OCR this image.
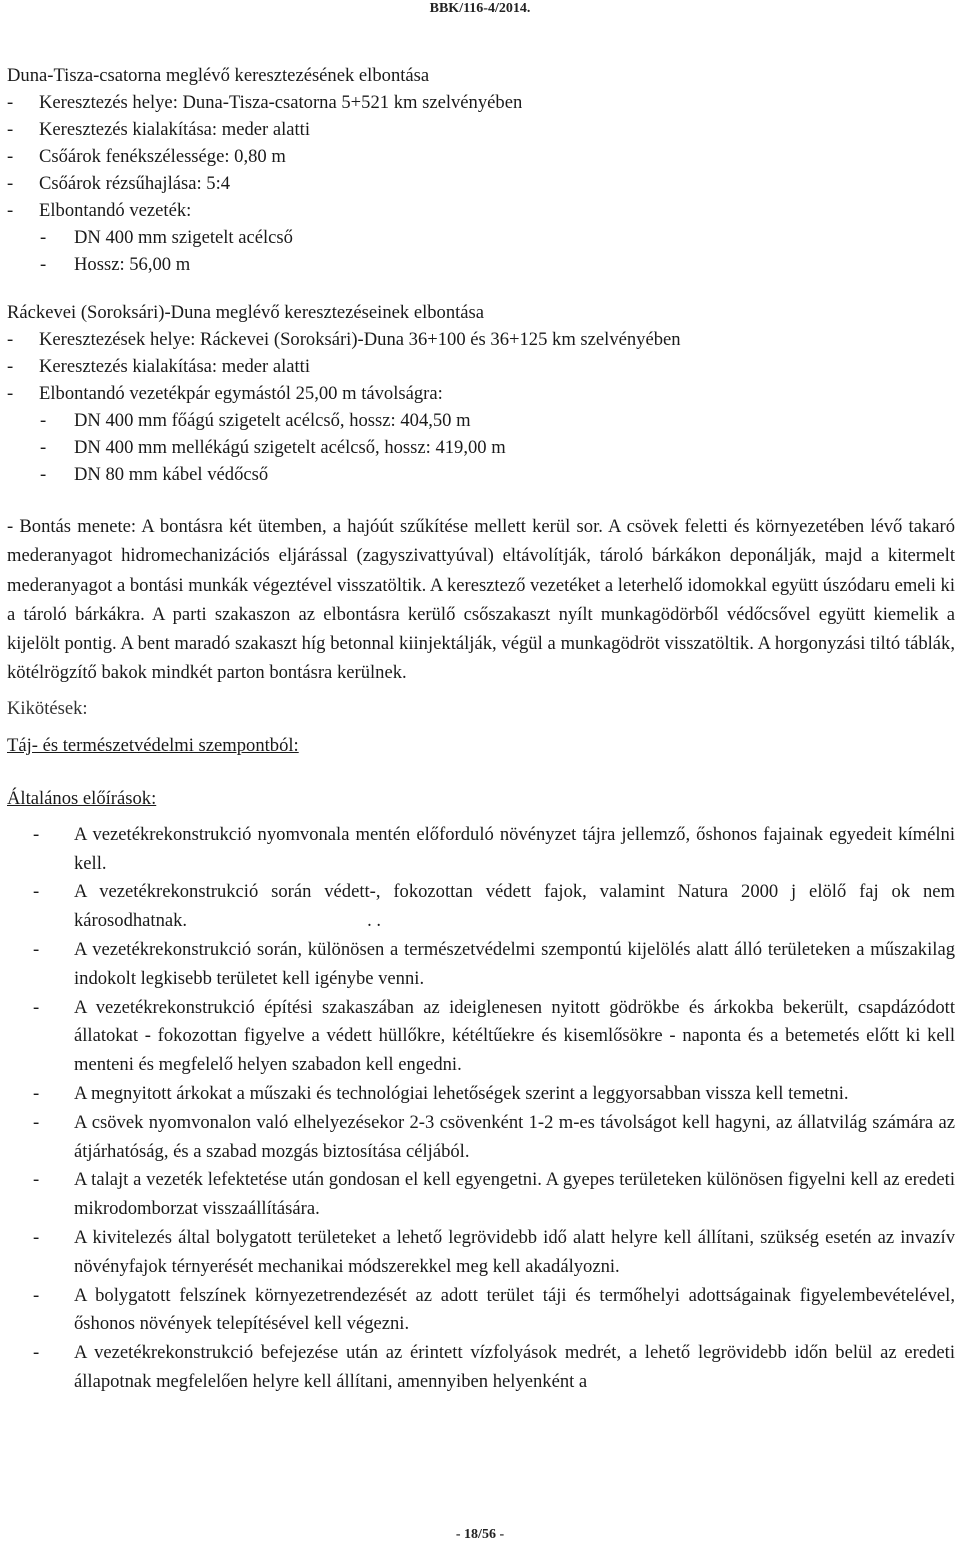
BBK/116-4/2014.
Duna-Tisza-csatorna meglévő keresztezésének elbontása
- Keresztezés helye: Duna-Tisza-csatorna 5+521 km szelvényében
- Keresztezés kialakítása: meder alatti
- Csőárok fenékszélessége: 0,80 m
- Csőárok rézsűhajlása: 5:4
- Elbontandó vezeték:
- DN 400 mm szigetelt acélcső
- Hossz: 56,00 m
Ráckevei (Soroksári)-Duna meglévő keresztezéseinek elbontása
- Keresztezések helye: Ráckevei (Soroksári)-Duna 36+100 és 36+125 km szelvényében
- Keresztezés kialakítása: meder alatti
- Elbontandó vezetékpár egymástól 25,00 m távolságra:
- DN 400 mm főágú szigetelt acélcső, hossz: 404,50 m
- DN 400 mm mellékágú szigetelt acélcső, hossz: 419,00 m
- DN 80 mm kábel védőcső

- Bontás menete: A bontásra két ütemben, a hajóút szűkítése mellett kerül sor. A csövek feletti és környezetében lévő takaró mederanyagot hidromechanizációs eljárással (zagyszivattyúval) eltávolítják, tároló bárkákon deponálják, majd a kitermelt mederanyagot a bontási munkák végeztével visszatöltik. A keresztező vezetéket a leterhelő idomokkal együtt úszódaru emeli ki a tároló bárkákra. A parti szakaszon az elbontásra kerülő csőszakaszt nyílt munkagödörből védőcsővel együtt kiemelik a kijelölt pontig. A bent maradó szakaszt híg betonnal kiinjektálják, végül a munkagödröt visszatöltik. A horgonyzási tiltó táblák, kötélrögzítő bakok mindkét parton bontásra kerülnek.

Kikötések:
Táj- és természetvédelmi szempontból:
Általános előírások:
-	A vezetékrekonstrukció nyomvonala mentén előforduló növényzet tájra jellemző, őshonos fajainak egyedeit kímélni kell.
-	A vezetékrekonstrukció során védett-, fokozottan védett fajok, valamint Natura 2000 j elölő faj ok nem károsodhatnak.	. .
-	A vezetékrekonstrukció során, különösen a természetvédelmi szempontú kijelölés alatt álló területeken a műszakilag indokolt legkisebb területet kell igénybe venni.
-	A vezetékrekonstrukció építési szakaszában az ideiglenesen nyitott gödrökbe és árkokba bekerült, csapdázódott állatokat - fokozottan figyelve a védett hüllőkre, kétéltűekre és kisemlősökre - naponta és a betemetés előtt ki kell menteni és megfelelő helyen szabadon kell engedni.
-	A megnyitott árkokat a műszaki és technológiai lehetőségek szerint a leggyorsabban vissza kell temetni.
-	A csövek nyomvonalon való elhelyezésekor 2-3 csövenként 1-2 m-es távolságot kell hagyni, az állatvilág számára az átjárhatóság, és a szabad mozgás biztosítása céljából.
-	A talajt a vezeték lefektetése után gondosan el kell egyengetni. A gyepes területeken különösen figyelni kell az eredeti mikrodomborzat visszaállítására.
-	A kivitelezés által bolygatott területeket a lehető legrövidebb idő alatt helyre kell állítani, szükség esetén az invazív növényfajok térnyerését mechanikai módszerekkel meg kell akadályozni.
-	A bolygatott felszínek környezetrendezését az adott terület táji és termőhelyi adottságainak figyelembevételével, őshonos növények telepítésével kell végezni.
-	A vezetékrekonstrukció befejezése után az érintett vízfolyások medrét, a lehető legrövidebb időn belül az eredeti állapotnak megfelelően helyre kell állítani, amennyiben helyenként a
- 18/56 -
